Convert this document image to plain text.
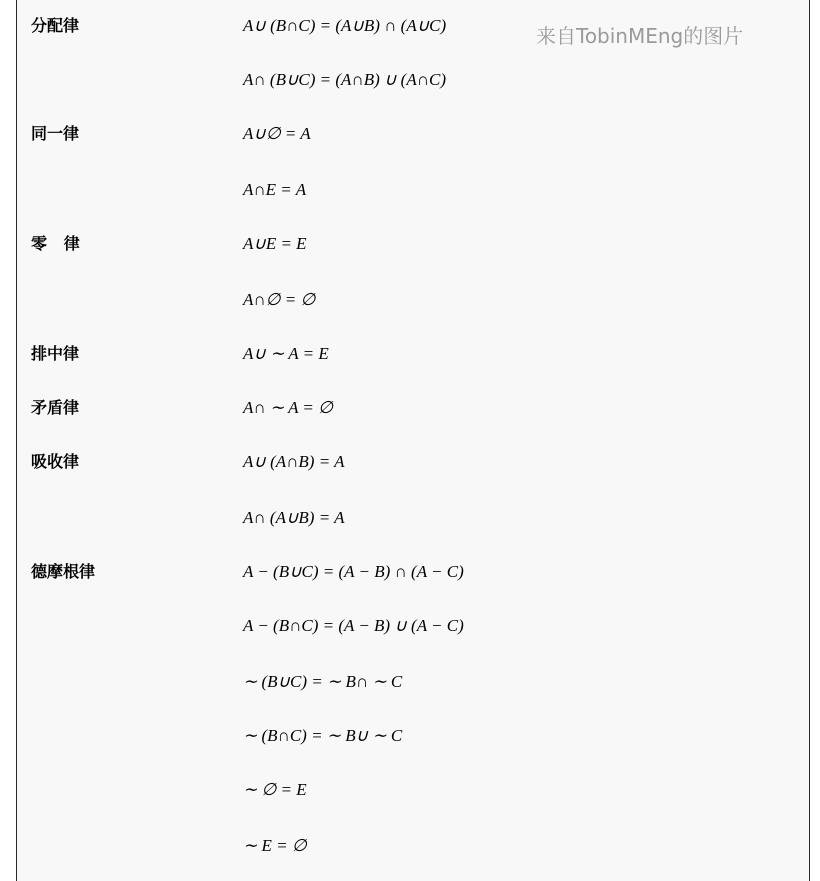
分配律	A∪ (B∩C) = (A∪B) ∩ (A∪C)
A∩ (B∪C) = (A∩B) ∪ (A∩C)
同一律	A∪∅ = A
A∩E = A
零   律	A∪E = E
A∩∅ = ∅
排中律	A∪ ∼ A = E
矛盾律	A∩ ∼ A = ∅
吸收律	A∪ (A∩B) = A
A∩ (A∪B) = A
德摩根律	A − (B∪C) = (A − B) ∩ (A − C)
A − (B∩C) = (A − B) ∪ (A − C)
∼ (B∪C) = ∼ B∩ ∼ C
∼ (B∩C) = ∼ B∪ ∼ C
∼ ∅ = E
∼ E = ∅
来自TobinMEng的图片
